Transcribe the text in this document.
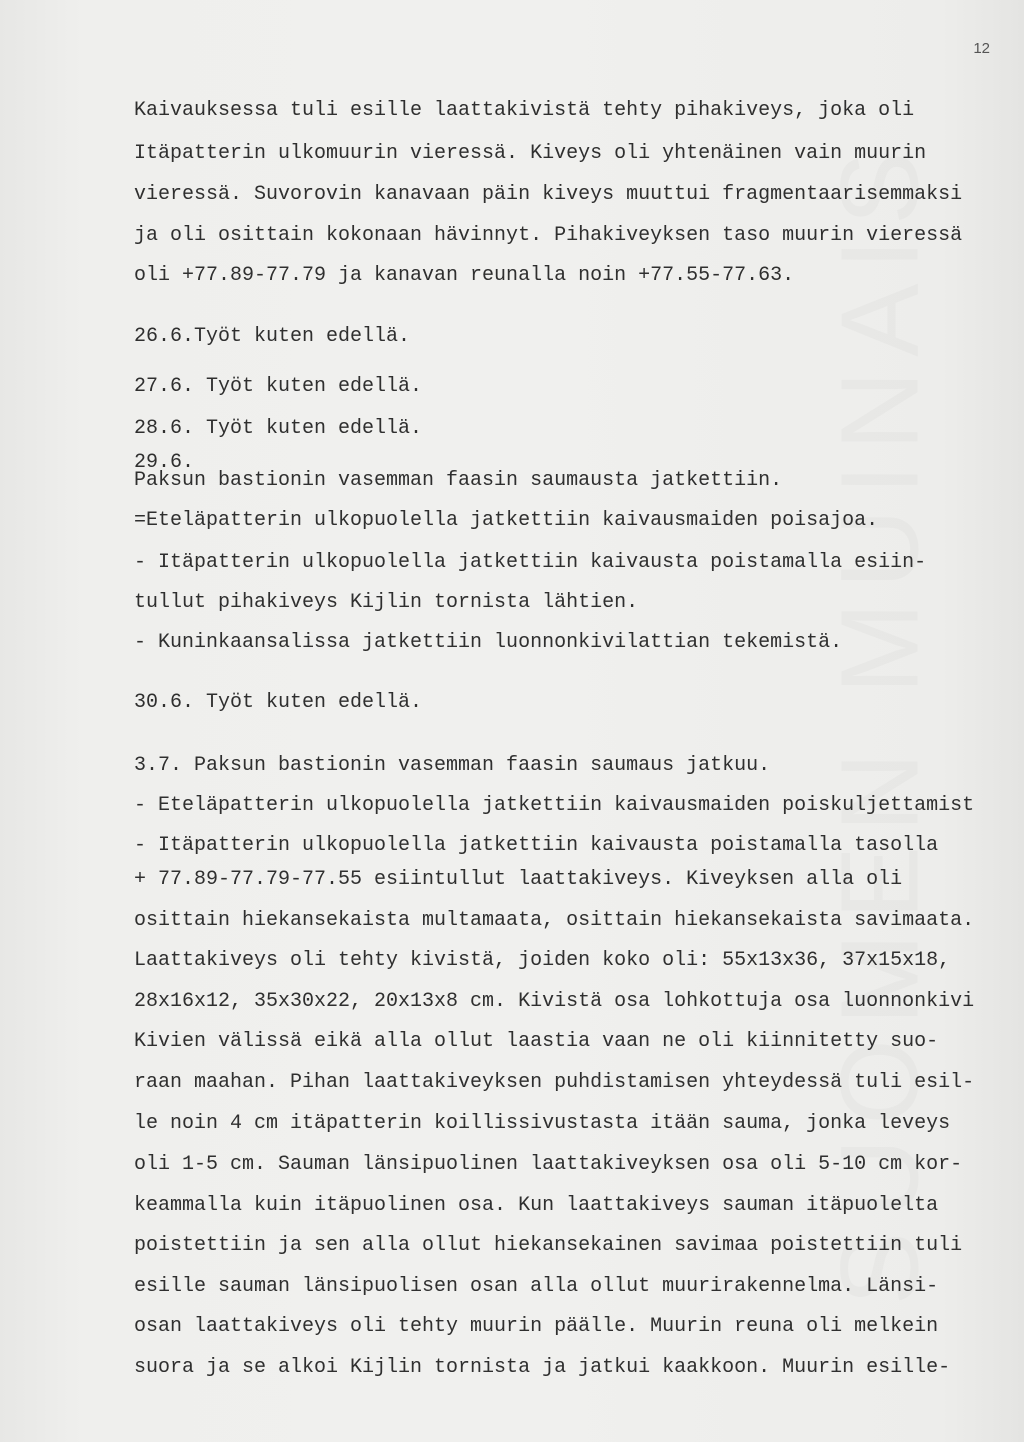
SUOMEN MUINAIS
12

Kaivauksessa tuli esille laattakivistä tehty pihakiveys, joka oli

Itäpatterin ulkomuurin vieressä. Kiveys oli yhtenäinen vain muurin

vieressä. Suvorovin kanavaan päin kiveys muuttui fragmentaarisemmaksi

ja oli osittain kokonaan hävinnyt. Pihakiveyksen taso muurin vieressä

oli +77.89-77.79 ja kanavan reunalla noin +77.55-77.63.

26.6.Työt kuten edellä.

27.6. Työt kuten edellä.

28.6. Työt kuten edellä.

29.6.

Paksun bastionin vasemman faasin saumausta jatkettiin.

=Eteläpatterin ulkopuolella jatkettiin kaivausmaiden poisajoa.

- Itäpatterin ulkopuolella jatkettiin kaivausta poistamalla esiin-

tullut pihakiveys Kijlin tornista lähtien.

- Kuninkaansalissa jatkettiin luonnonkivilattian tekemistä.

30.6. Työt kuten edellä.

3.7. Paksun bastionin vasemman faasin saumaus jatkuu.

- Eteläpatterin ulkopuolella jatkettiin kaivausmaiden poiskuljettamist

- Itäpatterin ulkopuolella jatkettiin kaivausta poistamalla tasolla

+ 77.89-77.79-77.55 esiintullut laattakiveys. Kiveyksen alla oli

osittain hiekansekaista multamaata, osittain hiekansekaista savimaata.

Laattakiveys oli tehty kivistä, joiden koko oli: 55x13x36, 37x15x18,

28x16x12, 35x30x22, 20x13x8 cm. Kivistä osa lohkottuja osa luonnonkivi

Kivien välissä eikä alla ollut laastia vaan ne oli kiinnitetty suo-

raan maahan. Pihan laattakiveyksen puhdistamisen yhteydessä tuli esil-

le noin 4 cm itäpatterin koillissivustasta itään sauma, jonka leveys

oli 1-5 cm. Sauman länsipuolinen laattakiveyksen osa oli 5-10 cm kor-

keammalla kuin itäpuolinen osa. Kun laattakiveys sauman itäpuolelta

poistettiin ja sen alla ollut hiekansekainen savimaa poistettiin tuli

esille sauman länsipuolisen osan alla ollut muurirakennelma. Länsi-

osan laattakiveys oli tehty muurin päälle. Muurin reuna oli melkein

suora ja se alkoi Kijlin tornista ja jatkui kaakkoon. Muurin esille-
